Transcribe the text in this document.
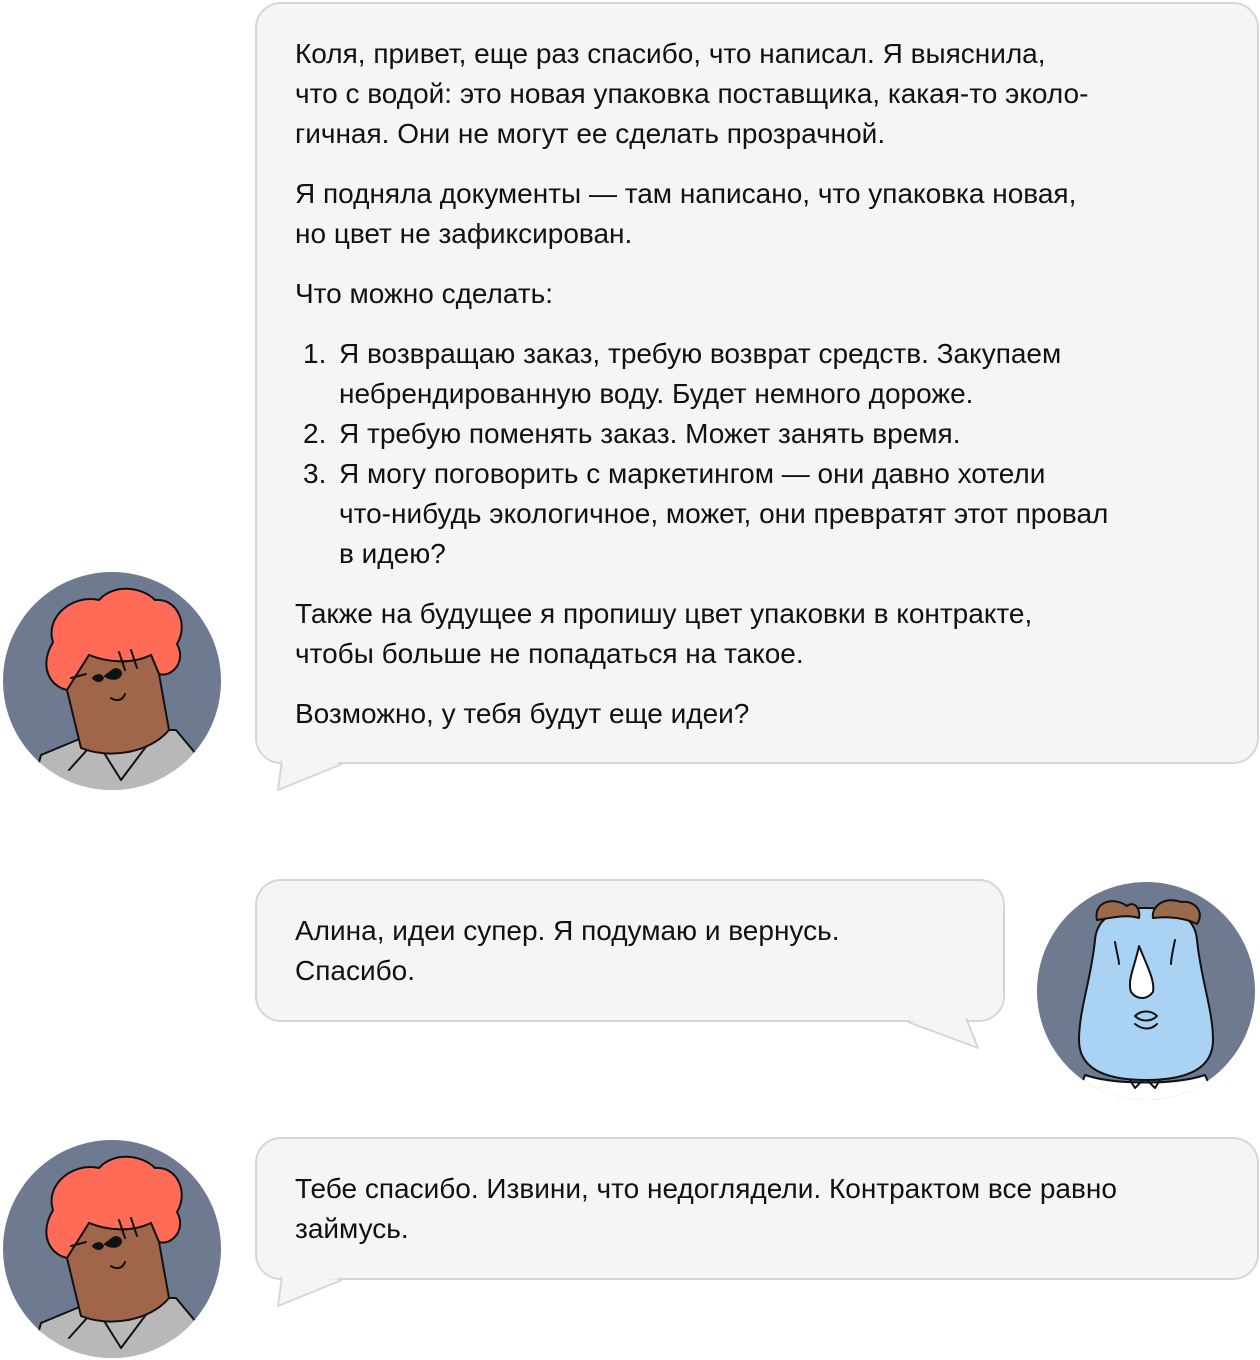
Коля, привет, еще раз спасибо, что написал. Я выяснила,
что с водой: это новая упаковка поставщика, какая-то эколо-
гичная. Они не могут ее сделать прозрачной.

Я подняла документы — там написано, что упаковка новая,
но цвет не зафиксирован.

Что можно сделать:

1. Я возвращаю заказ, требую возврат средств. Закупаем
небрендированную воду. Будет немного дороже.
2. Я требую поменять заказ. Может занять время.
3. Я могу поговорить с маркетингом — они давно хотели
что-нибудь экологичное, может, они превратят этот провал
в идею?

Также на будущее я пропишу цвет упаковки в контракте,
чтобы больше не попадаться на такое.

Возможно, у тебя будут еще идеи?

Алина, идеи супер. Я подумаю и вернусь.
Спасибо.

Тебе спасибо. Извини, что недоглядели. Контрактом все равно
займусь.
